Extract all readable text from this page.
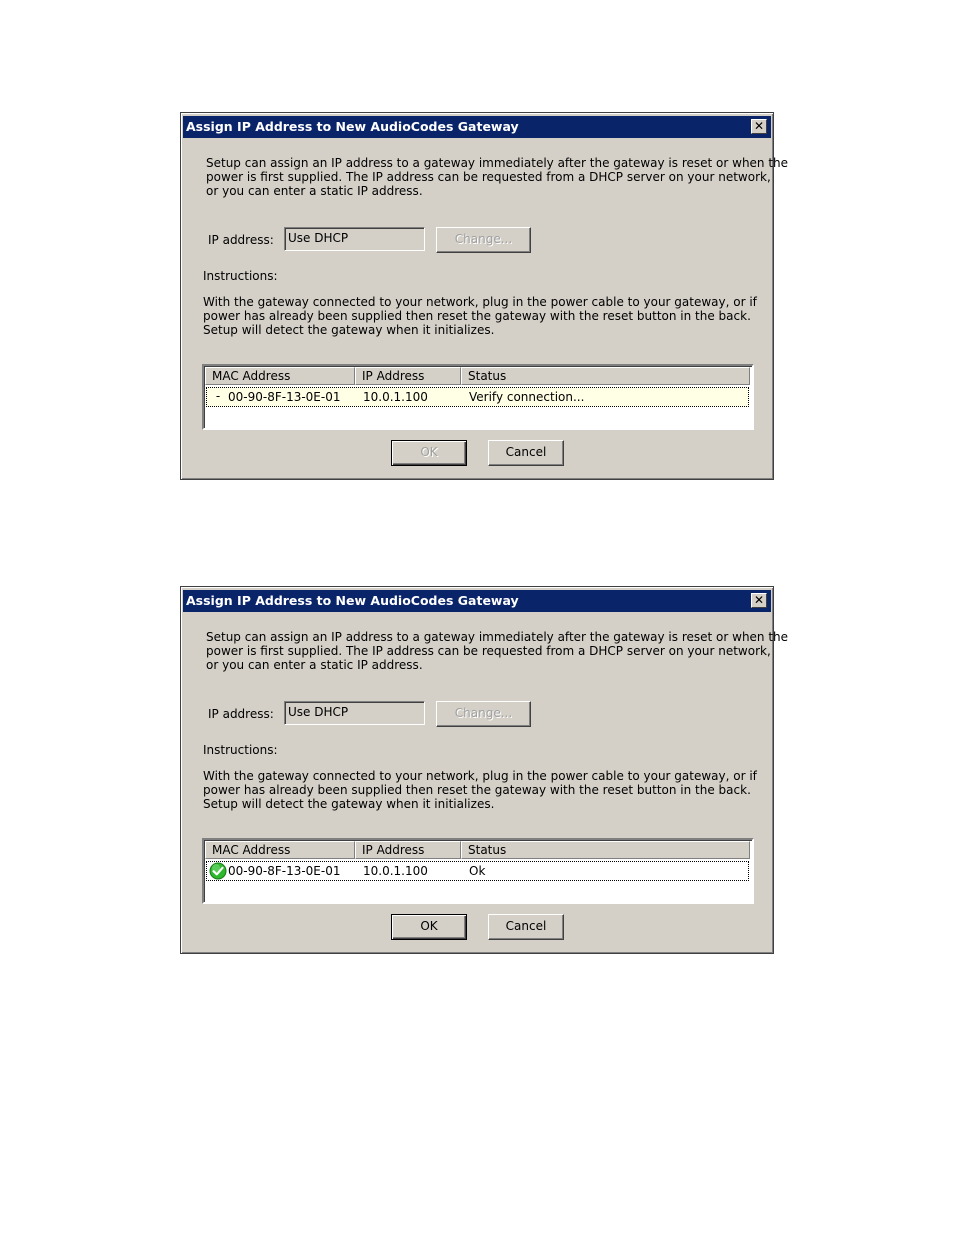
Assign IP Address to New AudioCodes Gateway	✕
Setup can assign an IP address to a gateway immediately after the gateway is reset or when the
power is first supplied. The IP address can be requested from a DHCP server on your network,
or you can enter a static IP address.
IP address:	Use DHCP	Change...
Instructions:
With the gateway connected to your network, plug in the power cable to your gateway, or if
power has already been supplied then reset the gateway with the reset button in the back.
Setup will detect the gateway when it initializes.
MAC Address	IP Address	Status
- 00-90-8F-13-0E-01 10.0.1.100	Verify connection...
OK	Cancel
Assign IP Address to New AudioCodes Gateway	✕
Setup can assign an IP address to a gateway immediately after the gateway is reset or when the
power is first supplied. The IP address can be requested from a DHCP server on your network,
or you can enter a static IP address.
IP address:	Use DHCP	Change...
Instructions:
With the gateway connected to your network, plug in the power cable to your gateway, or if
power has already been supplied then reset the gateway with the reset button in the back.
Setup will detect the gateway when it initializes.
MAC Address	IP Address	Status
00-90-8F-13-0E-01 10.0.1.100	Ok
OK	Cancel
